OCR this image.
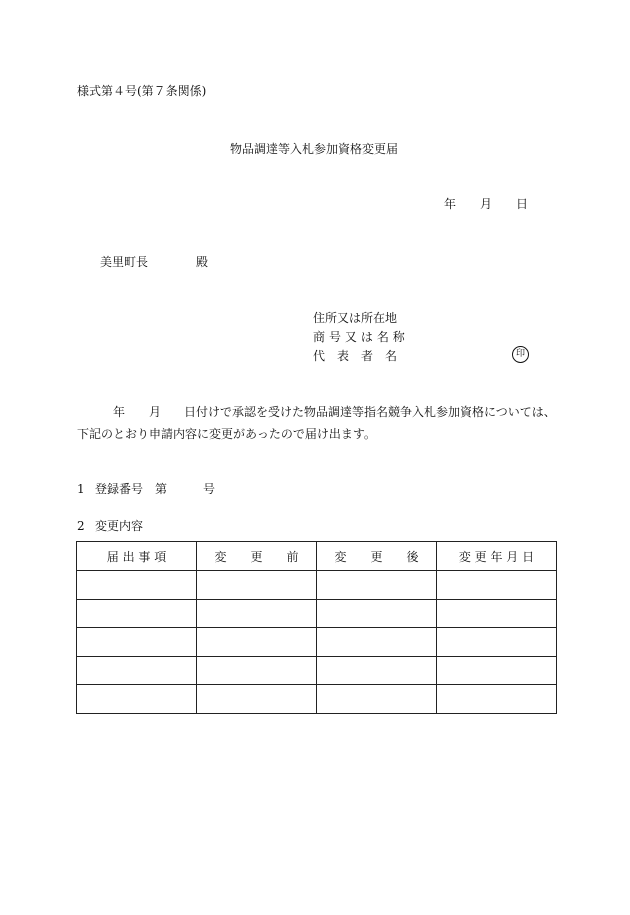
様式第４号(第７条関係)
物品調達等入札参加資格変更届
年 月 日
美里町長	殿
住所又は所在地
商号又は名称
代 表 者 名	印
年 月 日付けで承認を受けた物品調達等指名競争入札参加資格については、
下記のとおり申請内容に変更があったので届け出ます。
1 登録番号 第	号
2 変更内容
届 出 事 項	変　　更　　前	変　　更　　後	変 更 年 月 日
